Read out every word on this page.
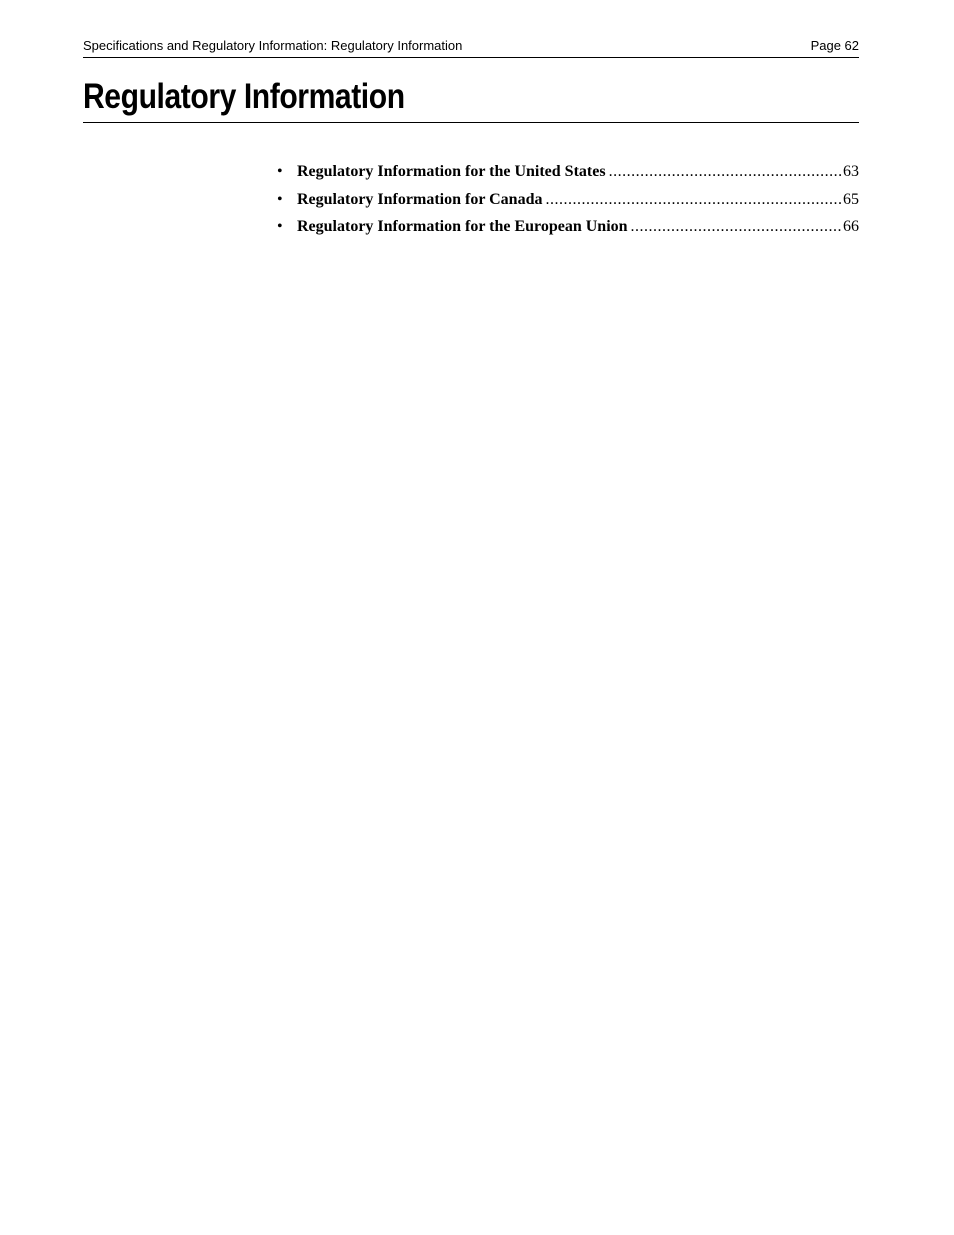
Specifications and Regulatory Information: Regulatory Information	Page 62
Regulatory Information
• Regulatory Information for the United States .....	63
• Regulatory Information for Canada .....	65
• Regulatory Information for the European Union .....	66
